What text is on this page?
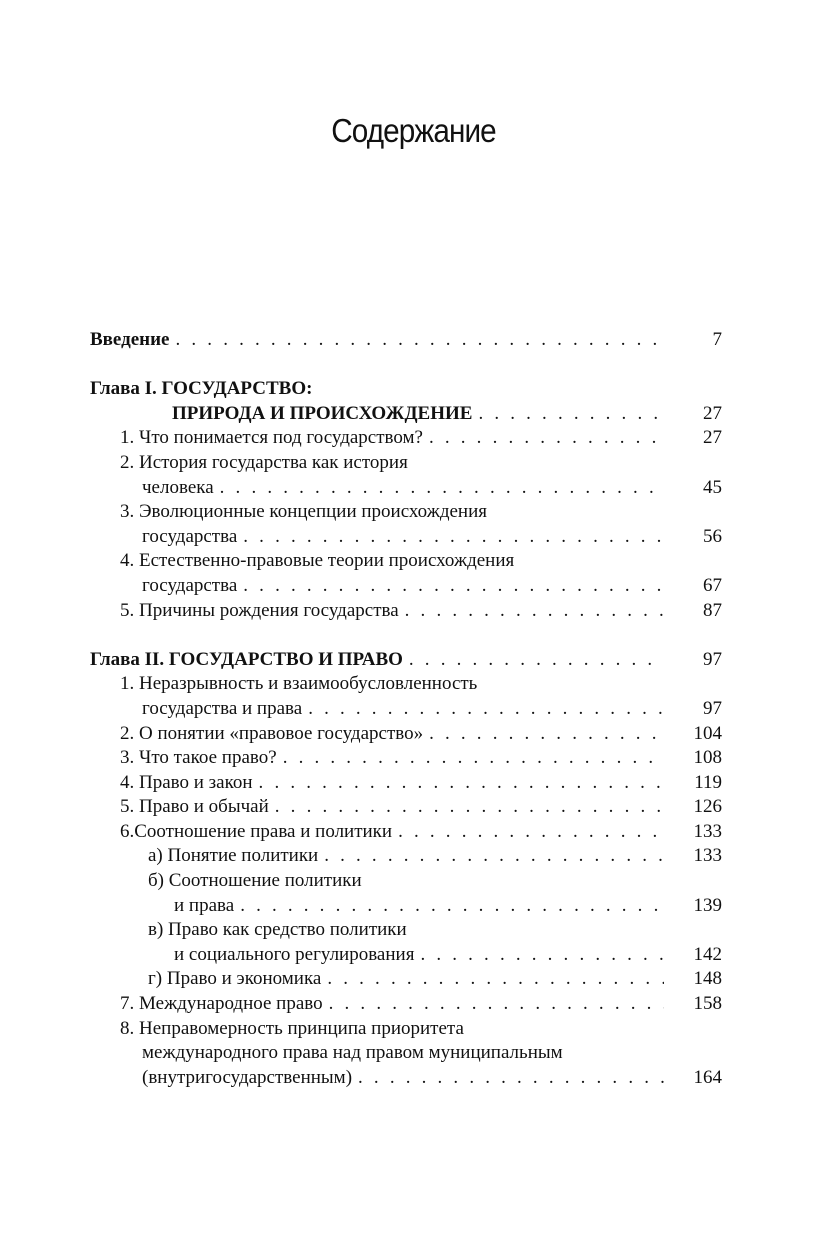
Содержание
Введение . . .	7
Глава I. ГОСУДАРСТВО:
ПРИРОДА И ПРОИСХОЖДЕНИЕ . . .	27
1. Что понимается под государством? . . .	27
2. История государства как история
человека . . .	45
3. Эволюционные концепции происхождения
государства . . .	56
4. Естественно-правовые теории происхождения
государства . . .	67
5. Причины рождения государства . . .	87
Глава II. ГОСУДАРСТВО И ПРАВО . . .	97
1. Неразрывность и взаимообусловленность
государства и права . . .	97
2. О понятии «правовое государство» . . .	104
3. Что такое право? . . .	108
4. Право и закон . . .	119
5. Право и обычай . . .	126
6.Соотношение права и политики . . .	133
а) Понятие политики . . .	133
б) Соотношение политики
и права . . .	139
в) Право как средство политики
и социального регулирования . . .	142
г) Право и экономика . . .	148
7. Международное право . . .	158
8. Неправомерность принципа приоритета
международного права над правом муниципальным
(внутригосударственным) . . .	164
